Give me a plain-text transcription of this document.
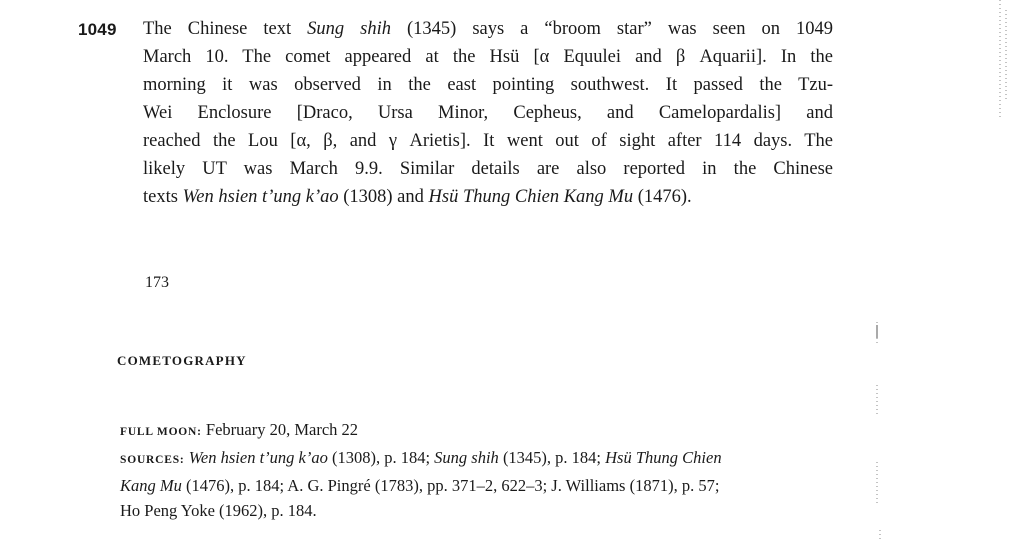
1049 The Chinese text Sung shih (1345) says a “broom star” was seen on 1049
March 10. The comet appeared at the Hsü [α Equulei and β Aquarii]. In the
morning it was observed in the east pointing southwest. It passed the Tzu-
Wei Enclosure [Draco, Ursa Minor, Cepheus, and Camelopardalis] and
reached the Lou [α, β, and γ Arietis]. It went out of sight after 114 days. The
likely UT was March 9.9. Similar details are also reported in the Chinese
texts Wen hsien t’ung k’ao (1308) and Hsü Thung Chien Kang Mu (1476).
173
COMETOGRAPHY
FULL MOON: February 20, March 22
SOURCES: Wen hsien t’ung k’ao (1308), p. 184; Sung shih (1345), p. 184; Hsü Thung Chien
Kang Mu (1476), p. 184; A. G. Pingré (1783), pp. 371–2, 622–3; J. Williams (1871), p. 57;
Ho Peng Yoke (1962), p. 184.
